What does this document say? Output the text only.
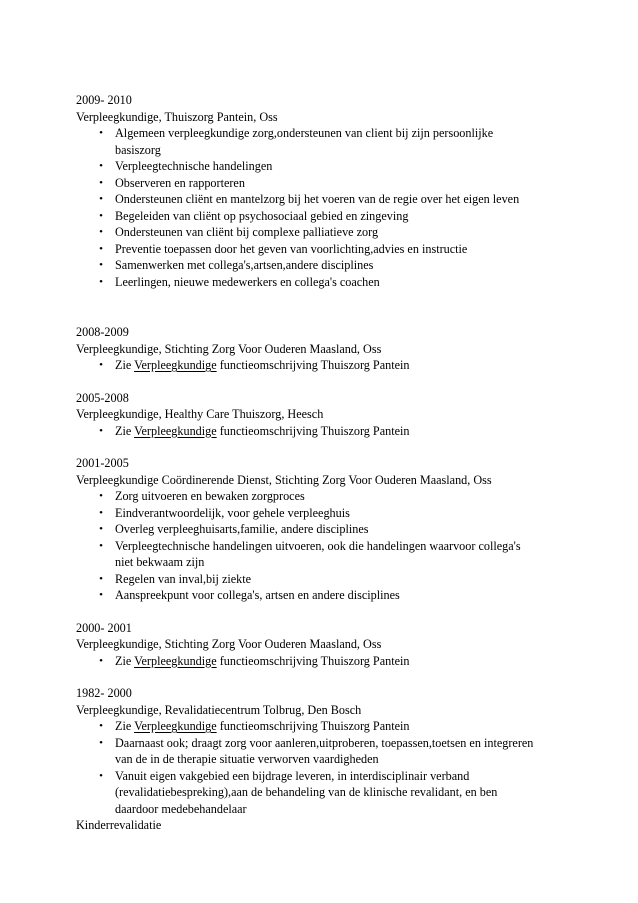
2009- 2010
Verpleegkundige, Thuiszorg Pantein, Oss
• Algemeen verpleegkundige zorg,ondersteunen van client bij zijn persoonlijke
basiszorg
• Verpleegtechnische handelingen
• Observeren en rapporteren
• Ondersteunen cliënt en mantelzorg bij het voeren van de regie over het eigen leven
• Begeleiden van cliënt op psychosociaal gebied en zingeving
• Ondersteunen van cliënt bij complexe palliatieve zorg
• Preventie toepassen door het geven van voorlichting,advies en instructie
• Samenwerken met collega's,artsen,andere disciplines
• Leerlingen, nieuwe medewerkers en collega's coachen
2008-2009
Verpleegkundige, Stichting Zorg Voor Ouderen Maasland, Oss
• Zie Verpleegkundige functieomschrijving Thuiszorg Pantein
2005-2008
Verpleegkundige, Healthy Care Thuiszorg, Heesch
• Zie Verpleegkundige functieomschrijving Thuiszorg Pantein
2001-2005
Verpleegkundige Coördinerende Dienst, Stichting Zorg Voor Ouderen Maasland, Oss
• Zorg uitvoeren en bewaken zorgproces
• Eindverantwoordelijk, voor gehele verpleeghuis
• Overleg verpleeghuisarts,familie, andere disciplines
• Verpleegtechnische handelingen uitvoeren, ook die handelingen waarvoor collega's
niet bekwaam zijn
• Regelen van inval,bij ziekte
• Aanspreekpunt voor collega's, artsen en andere disciplines
2000- 2001
Verpleegkundige, Stichting Zorg Voor Ouderen Maasland, Oss
• Zie Verpleegkundige functieomschrijving Thuiszorg Pantein
1982- 2000
Verpleegkundige, Revalidatiecentrum Tolbrug, Den Bosch
• Zie Verpleegkundige functieomschrijving Thuiszorg Pantein
• Daarnaast ook; draagt zorg voor aanleren,uitproberen, toepassen,toetsen en integreren
van de in de therapie situatie verworven vaardigheden
• Vanuit eigen vakgebied een bijdrage leveren, in interdisciplinair verband
(revalidatiebespreking),aan de behandeling van de klinische revalidant, en ben
daardoor medebehandelaar
Kinderrevalidatie
